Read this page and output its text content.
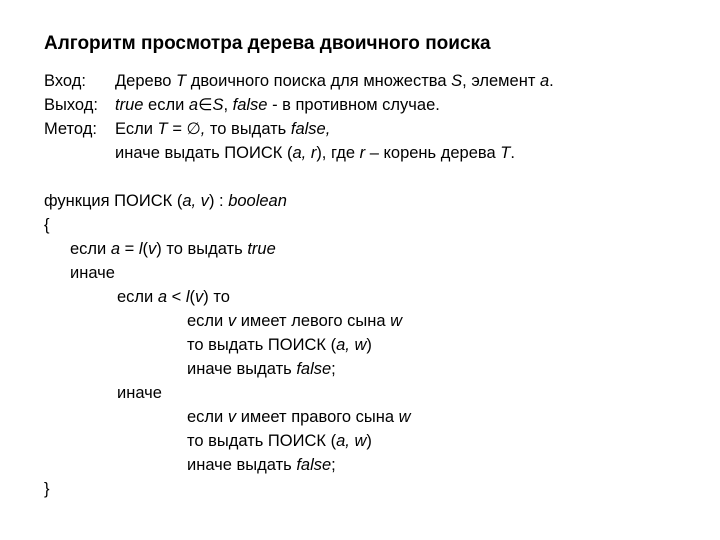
Алгоритм просмотра дерева двоичного поиска
Вход: Дерево T двоичного поиска для множества S, элемент a.
Выход: true если a∈S, false - в противном случае.
Метод: Если T = ∅, то выдать false,
иначе выдать ПОИСК (a, r), где r – корень дерева T.
функция ПОИСК (a, v) : boolean
{
если a = l(v) то выдать true
иначе
если a < l(v) то
если v имеет левого сына w
то выдать ПОИСК (a, w)
иначе выдать false;
иначе
если v имеет правого сына w
то выдать ПОИСК (a, w)
иначе выдать false;
}
